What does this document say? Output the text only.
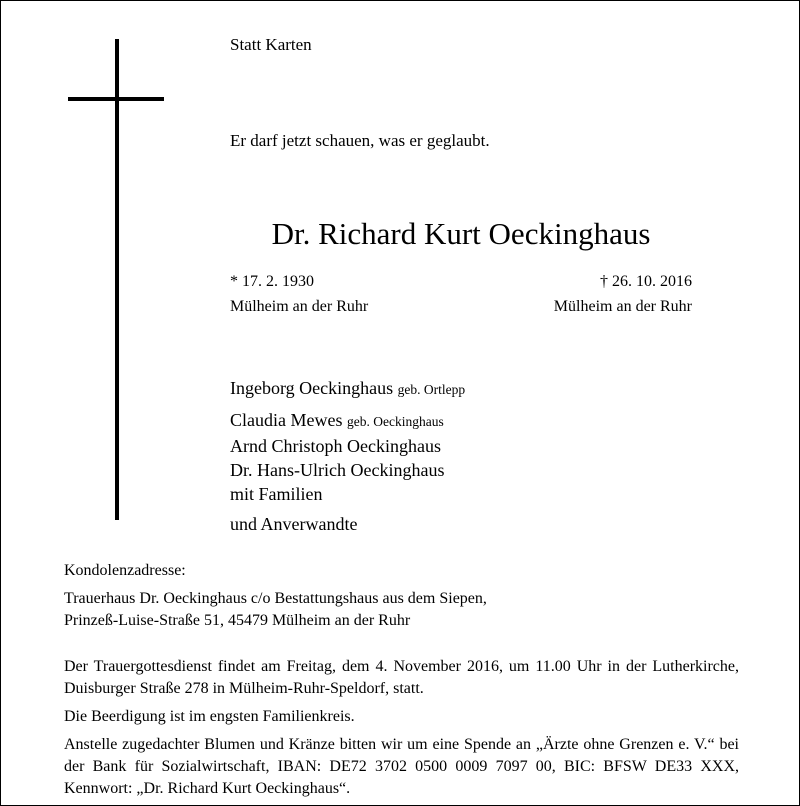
Statt Karten
Er darf jetzt schauen, was er geglaubt.
Dr. Richard Kurt Oeckinghaus
* 17. 2. 1930
Mülheim an der Ruhr
† 26. 10. 2016
Mülheim an der Ruhr
Ingeborg Oeckinghaus geb. Ortlepp
Claudia Mewes geb. Oeckinghaus
Arnd Christoph Oeckinghaus
Dr. Hans-Ulrich Oeckinghaus
mit Familien
und Anverwandte

Kondolenzadresse:

Trauerhaus Dr. Oeckinghaus c/o Bestattungshaus aus dem Siepen,

Prinzeß-Luise-Straße 51, 45479 Mülheim an der Ruhr

Der Trauergottesdienst findet am Freitag, dem 4. November 2016, um 11.00 Uhr in der Lutherkirche, Duisburger Straße 278 in Mülheim-Ruhr-Speldorf, statt.

Die Beerdigung ist im engsten Familienkreis.

Anstelle zugedachter Blumen und Kränze bitten wir um eine Spende an „Ärzte ohne Grenzen e. V.“ bei der Bank für Sozialwirtschaft, IBAN: DE72 3702 0500 0009 7097 00, BIC: BFSW DE33 XXX, Kennwort: „Dr. Richard Kurt Oeckinghaus“.
